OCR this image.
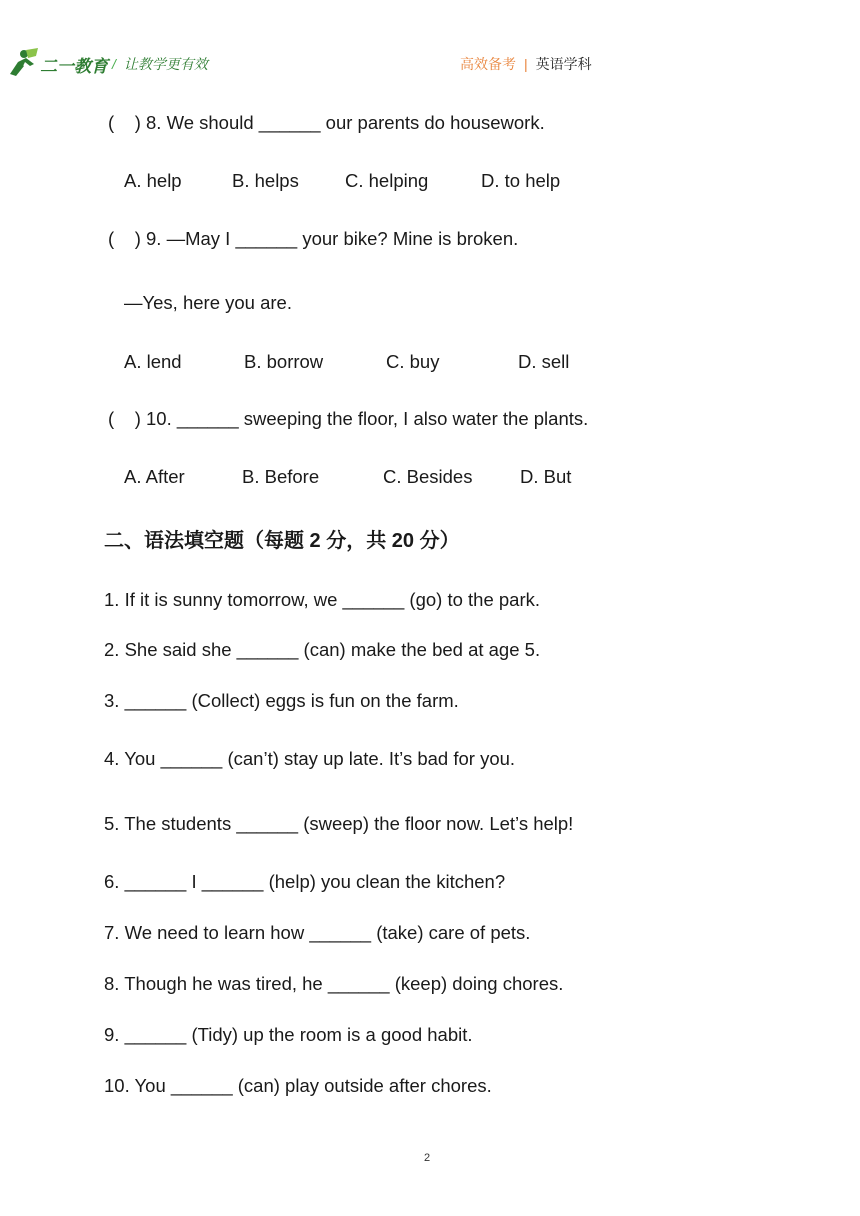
二一教育 / 让教学更有效	高效备考 | 英语学科
(    ) 8. We should ______ our parents do housework.
A. help	B. helps C. helping	D. to help
(    ) 9. —May I ______ your bike? Mine is broken.
—Yes, here you are.
A. lend	B. borrow	C. buy	D. sell
(    ) 10. ______ sweeping the floor, I also water the plants.
A. After	B. Before	C. Besides	D. But
二、语法填空题（每题 2 分，共 20 分）
1. If it is sunny tomorrow, we ______ (go) to the park.
2. She said she ______ (can) make the bed at age 5.
3. ______ (Collect) eggs is fun on the farm.
4. You ______ (can’t) stay up late. It’s bad for you.
5. The students ______ (sweep) the floor now. Let’s help!
6. ______ I ______ (help) you clean the kitchen?
7. We need to learn how ______ (take) care of pets.
8. Though he was tired, he ______ (keep) doing chores.
9. ______ (Tidy) up the room is a good habit.
10. You ______ (can) play outside after chores.
2
